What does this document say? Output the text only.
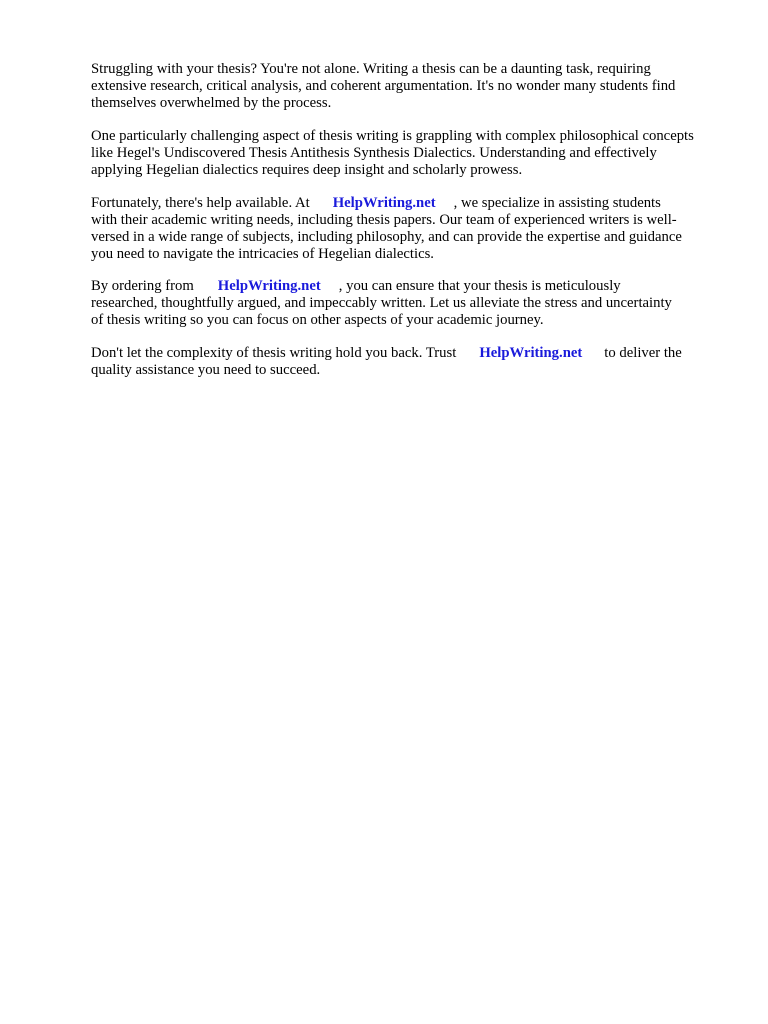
Struggling with your thesis? You're not alone. Writing a thesis can be a daunting task, requiring
extensive research, critical analysis, and coherent argumentation. It's no wonder many students find
themselves overwhelmed by the process.

One particularly challenging aspect of thesis writing is grappling with complex philosophical concepts
like Hegel's Undiscovered Thesis Antithesis Synthesis Dialectics. Understanding and effectively
applying Hegelian dialectics requires deep insight and scholarly prowess.

Fortunately, there's help available. At HelpWriting.net , we specialize in assisting students
with their academic writing needs, including thesis papers. Our team of experienced writers is well-
versed in a wide range of subjects, including philosophy, and can provide the expertise and guidance
you need to navigate the intricacies of Hegelian dialectics.

By ordering from HelpWriting.net , you can ensure that your thesis is meticulously
researched, thoughtfully argued, and impeccably written. Let us alleviate the stress and uncertainty
of thesis writing so you can focus on other aspects of your academic journey.

Don't let the complexity of thesis writing hold you back. Trust HelpWriting.net to deliver the
quality assistance you need to succeed.
